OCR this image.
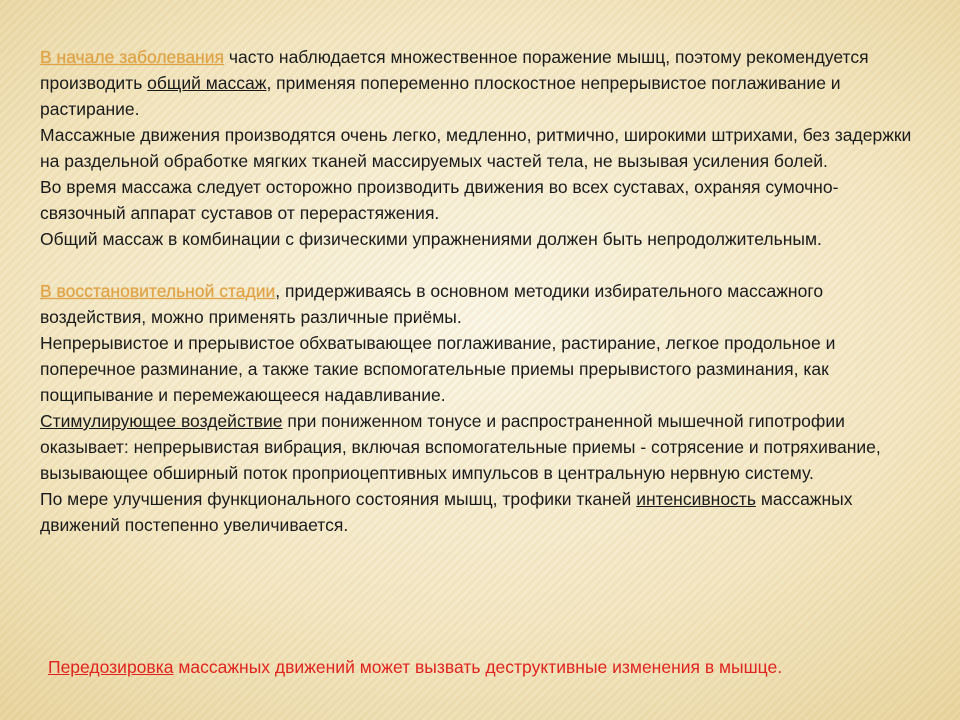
В начале заболевания часто наблюдается множественное поражение мышц, поэтому рекомендуется производить общий массаж, применяя попеременно плоскостное непрерывистое поглаживание и растирание.

Массажные движения производятся очень легко, медленно, ритмично, широкими штрихами, без задержки на раздельной обработке мягких тканей массируемых частей тела, не вызывая усиления болей.

Во время массажа следует осторожно производить движения во всех суставах, охраняя сумочно-связочный аппарат суставов от перерастяжения.

Общий массаж в комбинации с физическими упражнениями должен быть непродолжительным.

В восстановительной стадии, придерживаясь в основном методики избирательного массажного воздействия, можно применять различные приёмы.

Непрерывистое и прерывистое обхватывающее поглаживание, растирание, легкое продольное и поперечное разминание, а также такие вспомогательные приемы прерывистого разминания, как пощипывание и перемежающееся надавливание.

Стимулирующее воздействие при пониженном тонусе и распространенной мышечной гипотрофии оказывает: непрерывистая вибрация, включая вспомогательные приемы - сотрясение и потряхивание, вызывающее обширный поток проприоцептивных импульсов в центральную нервную систему.

По мере улучшения функционального состояния мышц, трофики тканей интенсивность массажных движений постепенно увеличивается.

Передозировка массажных движений может вызвать деструктивные изменения в мышце.
